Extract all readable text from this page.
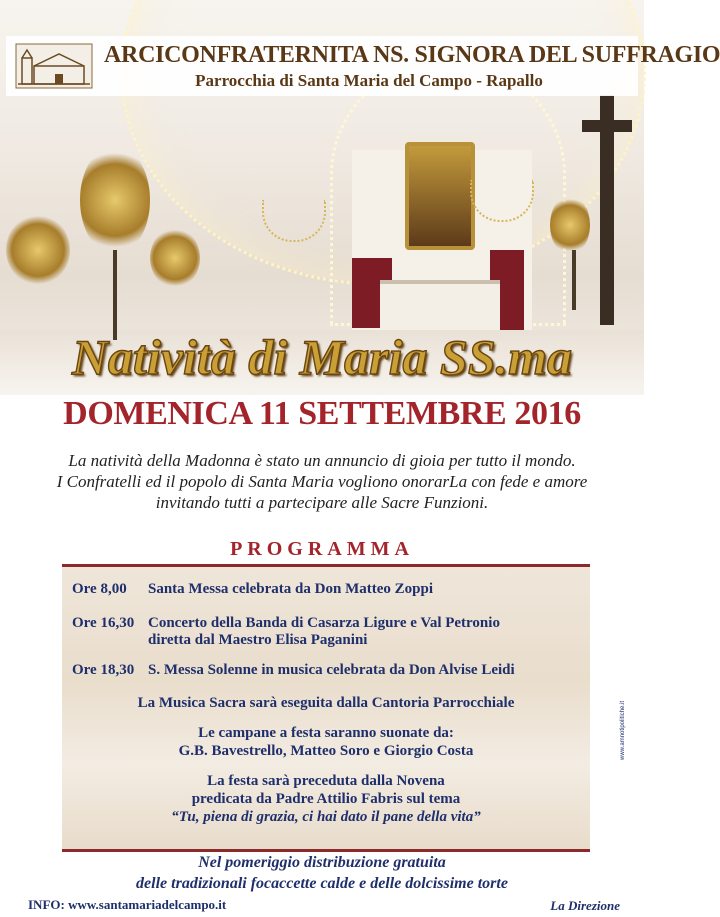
ARCICONFRATERNITA NS. SIGNORA DEL SUFFRAGIO
Parrocchia di Santa Maria del Campo - Rapallo
Natività di Maria SS.ma
DOMENICA 11 SETTEMBRE 2016
La natività della Madonna è stato un annuncio di gioia per tutto il mondo.
I Confratelli ed il popolo di Santa Maria vogliono onorarLa con fede e amore
invitando tutti a partecipare alle Sacre Funzioni.
PROGRAMMA
Ore 8,00 Santa Messa celebrata da Don Matteo Zoppi
Ore 16,30 Concerto della Banda di Casarza Ligure e Val Petronio
diretta dal Maestro Elisa Paganini
Ore 18,30 S. Messa Solenne in musica celebrata da Don Alvise Leidi
La Musica Sacra sarà eseguita dalla Cantoria Parrocchiale
Le campane a festa saranno suonate da:
G.B. Bavestrello, Matteo Soro e Giorgio Costa
La festa sarà preceduta dalla Novena
predicata da Padre Attilio Fabris sul tema
“Tu, piena di grazia, ci hai dato il pane della vita”
Nel pomeriggio distribuzione gratuita
delle tradizionali focaccette calde e delle dolcissime torte
INFO: www.santamariadelcampo.it	La Direzione
www.amnotipolitiche.it
